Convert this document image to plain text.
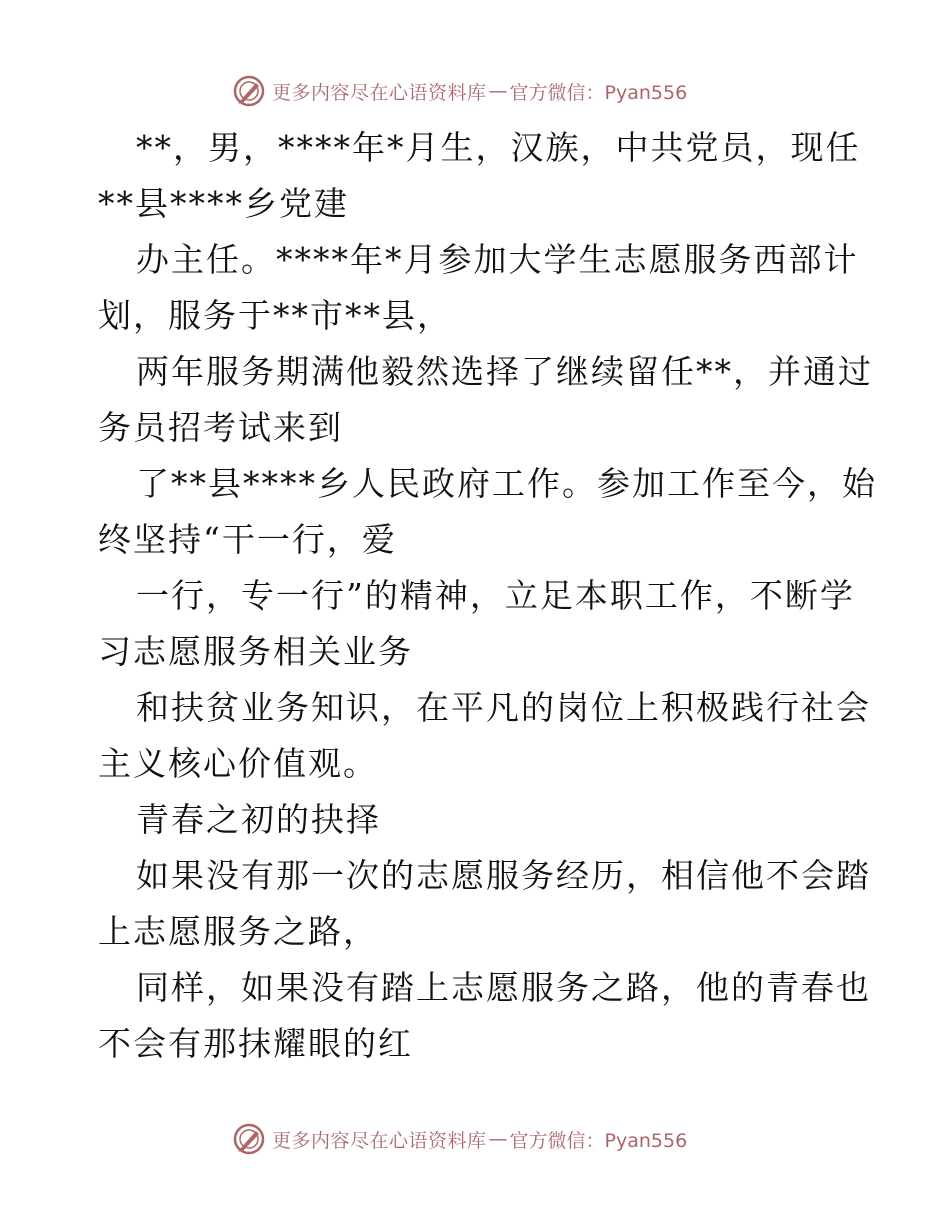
更多内容尽在心语资料库 — 官方微信：Pyan556
**，男，****年*月生，汉族，中共党员，现任
**县****乡党建
办主任。****年*月参加大学生志愿服务西部计
划，服务于**市**县，
两年服务期满他毅然选择了继续留任**，并通过
务员招考试来到
了**县****乡人民政府工作。参加工作至今，始
终坚持“干一行，爱
一行，专一行”的精神，立足本职工作，不断学
习志愿服务相关业务
和扶贫业务知识，在平凡的岗位上积极践行社会
主义核心价值观。
青春之初的抉择
如果没有那一次的志愿服务经历，相信他不会踏
上志愿服务之路，
同样，如果没有踏上志愿服务之路，他的青春也
不会有那抹耀眼的红
更多内容尽在心语资料库 — 官方微信：Pyan556
